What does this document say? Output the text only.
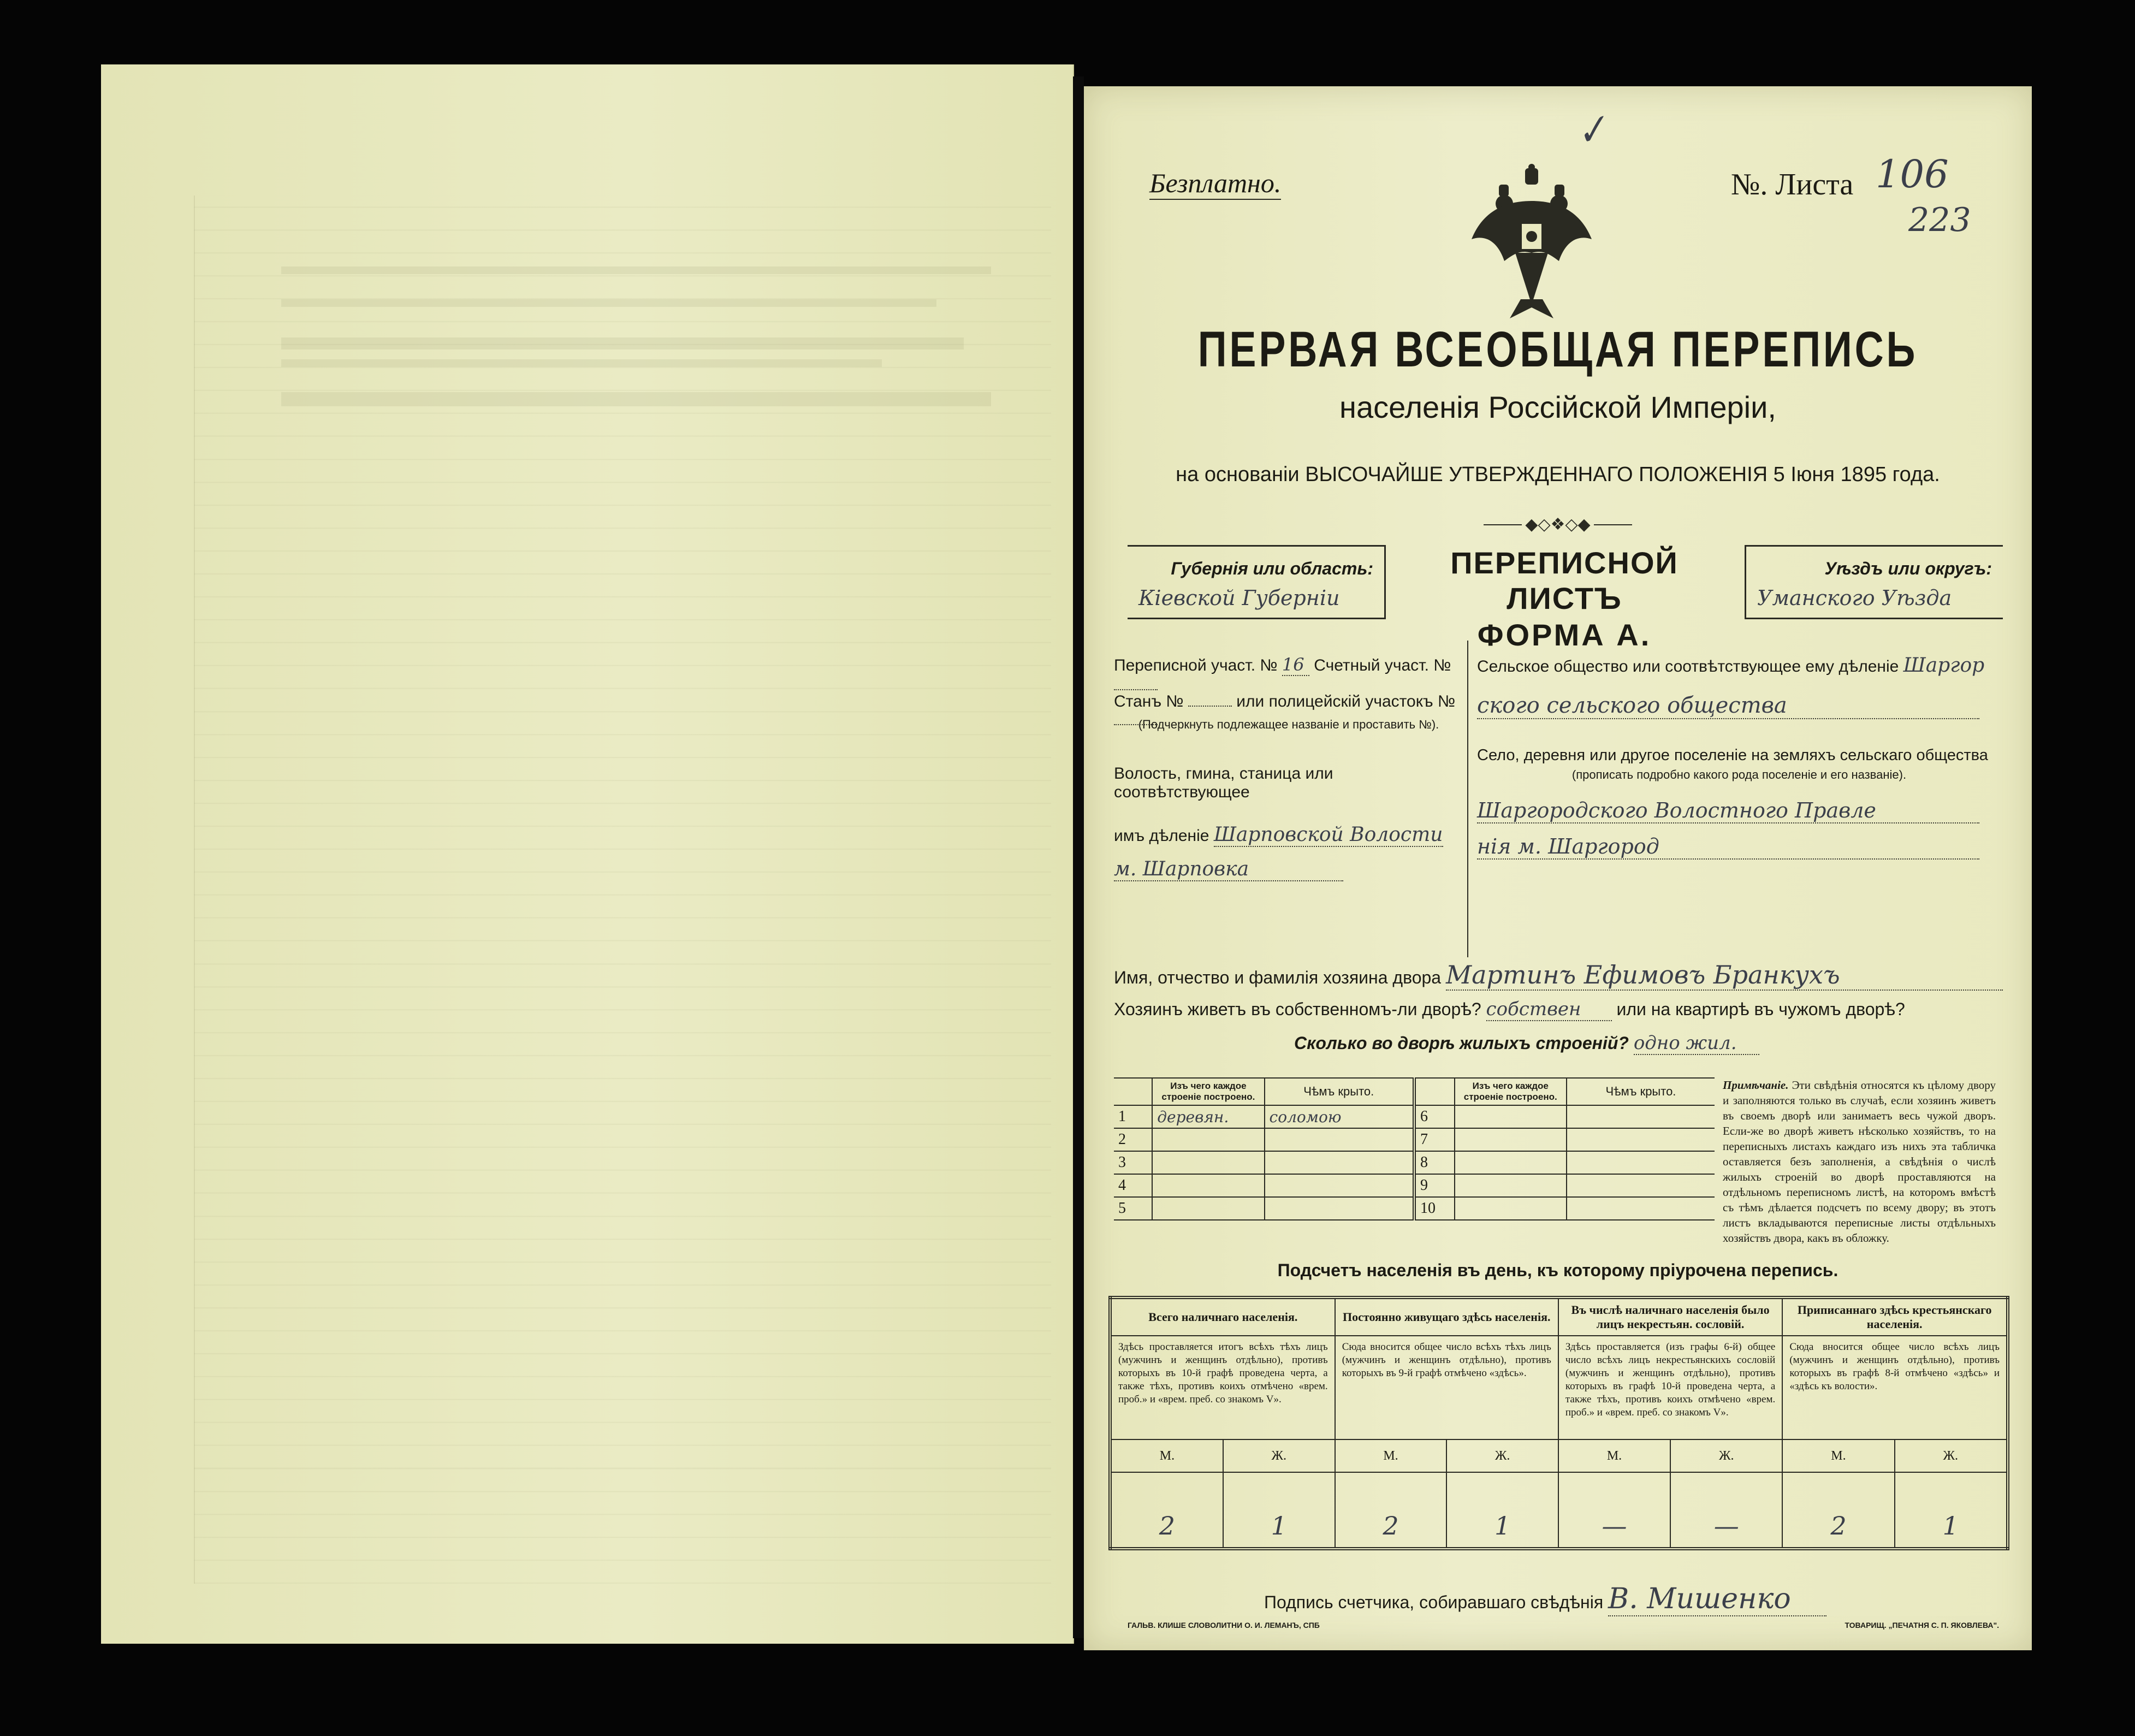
✓
Безплатно.	№. Листа 106
223
ПЕРВАЯ ВСЕОБЩАЯ ПЕРЕПИСЬ
населенія Россійской Имперіи,
на основаніи ВЫСОЧАЙШЕ УТВЕРЖДЕННАГО ПОЛОЖЕНІЯ 5 Іюня 1895 года.
◆◇❖◇◆
Губернія или область:
Кіевской Губерніи
ПЕРЕПИСНОЙ ЛИСТЪ
ФОРМА А.
Уѣздъ или округъ:
Уманского Уѣзда
Переписной участ. № 16 Счетный участ. №
Станъ №	или полицейскій участокъ №
(Подчеркнуть подлежащее названіе и проставить №).
Волость, гмина, станица или соотвѣтствующее
имъ дѣленіе Шарповской Волости
м. Шарповка
Сельское общество или соотвѣтствующее ему дѣленіе Шаргор
ского сельского общества
Село, деревня или другое поселеніе на земляхъ сельскаго общества
(прописать подробно какого рода поселеніе и его названіе).
Шаргородского Волостного Правле
нія м. Шаргород
Имя, отчество и фамилія хозяина двора Мартинъ Ефимовъ Бранкухъ
Хозяинъ живетъ въ собственномъ-ли дворѣ? собствен или на квартирѣ въ чужомъ дворѣ?
Сколько во дворѣ жилыхъ строеній? одно жил.
	Изъ чего каждое строеніе построено.	Чѣмъ крыто.		Изъ чего каждое строеніе построено.	Чѣмъ крыто.
1	деревян.	соломою	6		
2			7		
3			8		
4			9		
5			10		
Примѣчаніе. Эти свѣдѣнія относятся къ цѣлому двору и заполняются только въ случаѣ, если хозяинъ живетъ въ своемъ дворѣ или занимаетъ весь чужой дворъ. Если-же во дворѣ живетъ нѣсколько хозяйствъ, то на переписныхъ листахъ каждаго изъ нихъ эта табличка оставляется безъ заполненія, а свѣдѣнія о числѣ жилыхъ строеній во дворѣ проставляются на отдѣльномъ переписномъ листѣ, на которомъ вмѣстѣ съ тѣмъ дѣлается подсчетъ по всему двору; въ этотъ листъ вкладываются переписные листы отдѣльныхъ хозяйствъ двора, какъ въ обложку.
Подсчетъ населенія въ день, къ которому пріурочена перепись.
Всего наличнаго населенія.		Постоянно живущаго здѣсь населенія.		Въ числѣ наличнаго населенія было лицъ некрестьян. сословій.		Приписаннаго здѣсь крестьянскаго населенія.	
Здѣсь проставляется итогъ всѣхъ тѣхъ лицъ (мужчинъ и женщинъ отдѣльно), противъ которыхъ въ 10-й графѣ проведена черта, а также тѣхъ, противъ коихъ отмѣчено «врем. проб.» и «врем. преб. со знакомъ V».		Сюда вносится общее число всѣхъ тѣхъ лицъ (мужчинъ и женщинъ отдѣльно), противъ которыхъ въ 9-й графѣ отмѣчено «здѣсь».		Здѣсь проставляется (изъ графы 6-й) общее число всѣхъ лицъ некрестьянскихъ сословій (мужчинъ и женщинъ отдѣльно), противъ которыхъ въ графѣ 10-й проведена черта, а также тѣхъ, противъ коихъ отмѣчено «врем. проб.» и «врем. преб. со знакомъ V».		Сюда вносится общее число всѣхъ лицъ (мужчинъ и женщинъ отдѣльно), противъ которыхъ въ графѣ 8-й отмѣчено «здѣсь» и «здѣсь къ волости».	
М.	Ж.	М.	Ж.	М.	Ж.	М.	Ж.
2	1	2	1	—	—	2	1
Подпись счетчика, собиравшаго свѣдѣнія В. Мишенко
ГАЛЬВ. КЛИШЕ СЛОВОЛИТНИ О. И. ЛЕМАНЪ, СПБ	ТОВАРИЩ. „ПЕЧАТНЯ С. П. ЯКОВЛЕВА".
